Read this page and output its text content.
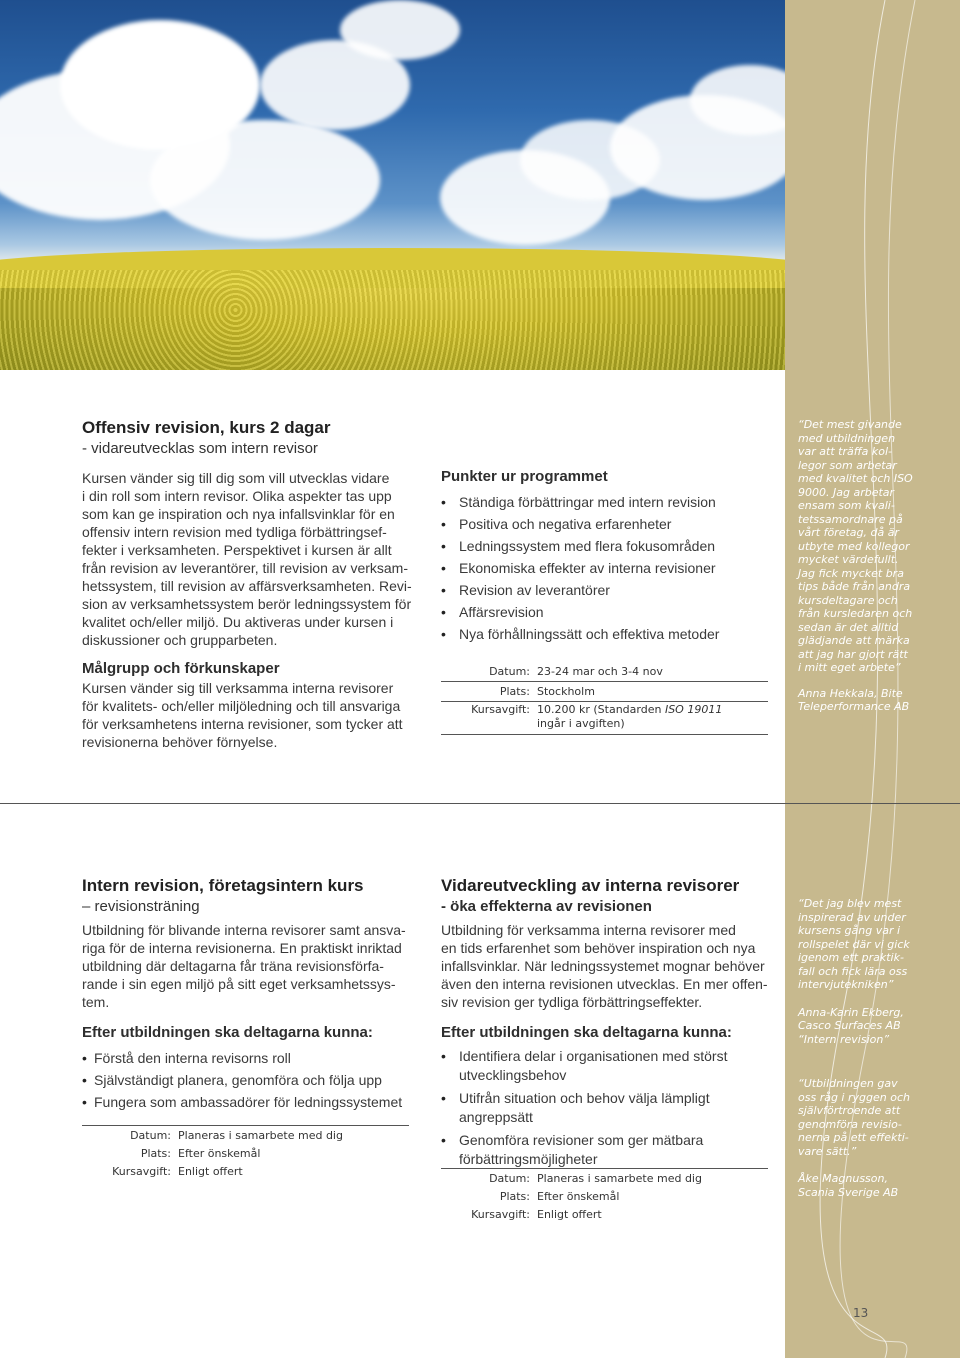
Offensiv revision, kurs 2 dagar
- vidareutvecklas som intern revisor
Kursen vänder sig till dig som vill utvecklas vidare
i din roll som intern revisor. Olika aspekter tas upp
som kan ge inspiration och nya infallsvinklar för en
offensiv intern revision med tydliga förbättringsef-
fekter i verksamheten. Perspektivet i kursen är allt
från revision av leverantörer, till revision av verksam-
hetssystem, till revision av affärsverksamheten. Revi-
sion av verksamhetssystem berör ledningssystem för
kvalitet och/eller miljö. Du aktiveras under kursen i
diskussioner och grupparbeten.
Målgrupp och förkunskaper
Kursen vänder sig till verksamma interna revisorer
för kvalitets- och/eller miljöledning och till ansvariga
för verksamhetens interna revisioner, som tycker att
revisionerna behöver förnyelse.
Punkter ur programmet
• Ständiga förbättringar med intern revision
• Positiva och negativa erfarenheter
• Ledningssystem med flera fokusområden
• Ekonomiska effekter av interna revisioner
• Revision av leverantörer
• Affärsrevision
• Nya förhållningssätt och effektiva metoder
Datum: 23-24 mar och 3-4 nov
Plats: Stockholm
Kursavgift: 10.200 kr (Standarden ISO 19011
ingår i avgiften)
“Det mest givande
med utbildningen
var att träffa kol-
legor som arbetar
med kvalitet och ISO
9000. Jag arbetar
ensam som kvali-
tetssamordnare på
vårt företag, då är
utbyte med kollegor
mycket värdefullt.
Jag fick mycket bra
tips både från andra
kursdeltagare och
från kursledaren och
sedan är det alltid
glädjande att märka
att jag har gjort rätt
i mitt eget arbete”
Anna Hekkala, Bite
Teleperformance AB
Intern revision, företagsintern kurs
– revisionsträning
Utbildning för blivande interna revisorer samt ansva-
riga för de interna revisionerna. En praktiskt inriktad
utbildning där deltagarna får träna revisionsförfa-
rande i sin egen miljö på sitt eget verksamhetssys-
tem.
Efter utbildningen ska deltagarna kunna:
• Förstå den interna revisorns roll
• Självständigt planera, genomföra och följa upp
• Fungera som ambassadörer för ledningssystemet
Datum: Planeras i samarbete med dig
Plats: Efter önskemål
Kursavgift: Enligt offert
Vidareutveckling av interna revisorer
- öka effekterna av revisionen
Utbildning för verksamma interna revisorer med
en tids erfarenhet som behöver inspiration och nya
infallsvinklar. När ledningssystemet mognar behöver
även den interna revisionen utvecklas. En mer offen-
siv revision ger tydliga förbättringseffekter.
Efter utbildningen ska deltagarna kunna:
• Identifiera delar i organisationen med störst
utvecklingsbehov
• Utifrån situation och behov välja lämpligt
angreppsätt
• Genomföra revisioner som ger mätbara
förbättringsmöjligheter
Datum: Planeras i samarbete med dig
Plats: Efter önskemål
Kursavgift: Enligt offert
“Det jag blev mest
inspirerad av under
kursens gång var i
rollspelet där vi gick
igenom ett praktik-
fall och fick lära oss
intervjutekniken”
Anna-Karin Ekberg,
Casco Surfaces AB
“Intern revision”
“Utbildningen gav
oss råg i ryggen och
självförtroende att
genomföra revisio-
nerna på ett effekti-
vare sätt.”
Åke Magnusson,
Scania Sverige AB
13
